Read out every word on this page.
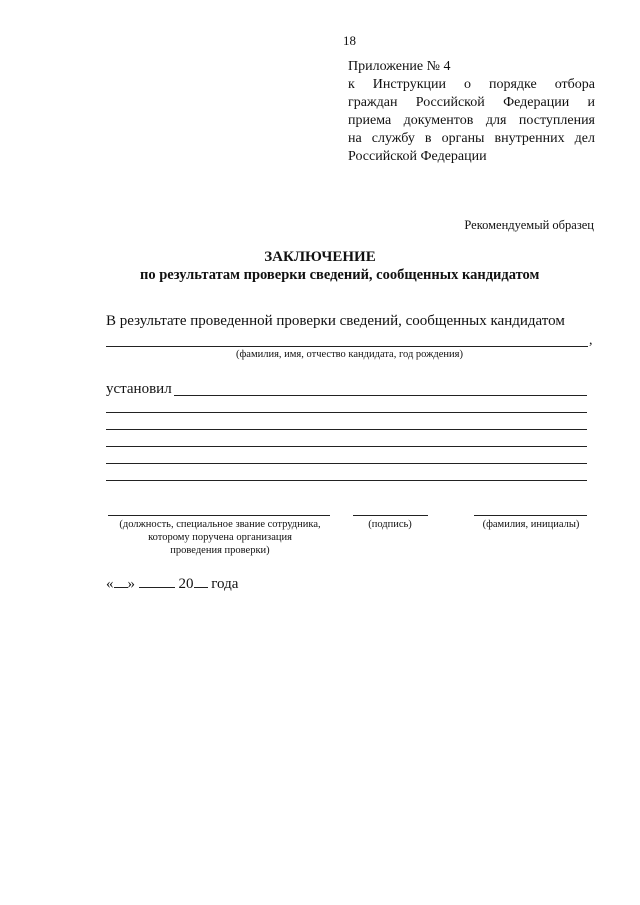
18
Приложение № 4
к Инструкции о порядке отбора
граждан Российской Федерации и
приема документов для поступления
на службу в органы внутренних дел
Российской Федерации
Рекомендуемый образец
ЗАКЛЮЧЕНИЕ
по результатам проверки сведений, сообщенных кандидатом
В результате проведенной проверки сведений, сообщенных кандидатом
,
(фамилия, имя, отчество кандидата, год рождения)
установил
(должность, специальное звание сотрудника,
которому поручена организация
проведения проверки)
(подпись)	(фамилия, инициалы)
« »	20 года
